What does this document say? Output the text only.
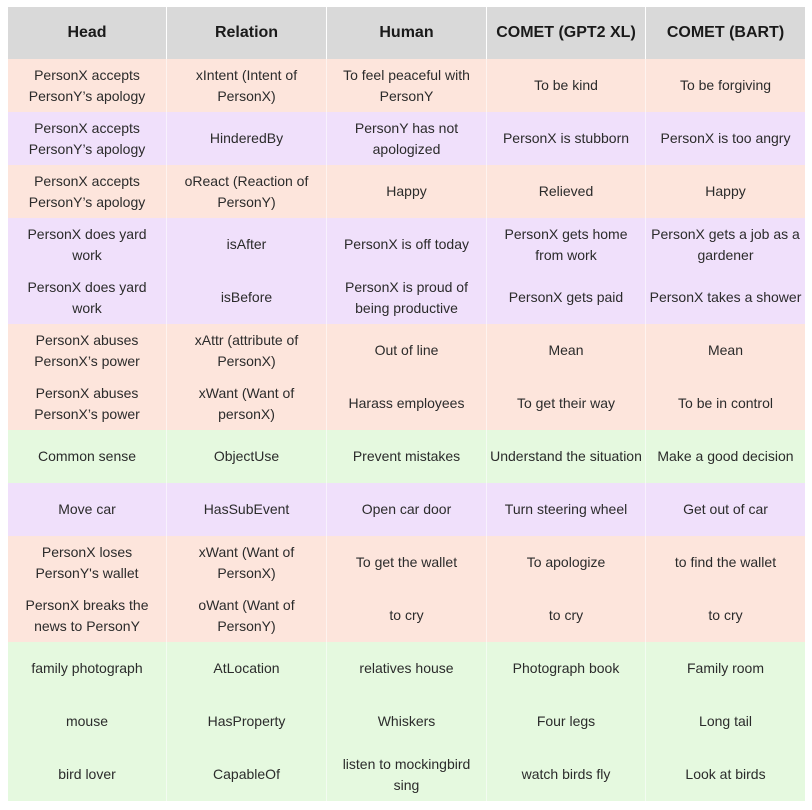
Head	Relation	Human	COMET (GPT2 XL)	COMET (BART)
PersonX accepts PersonY’s apology	xIntent (Intent of PersonX)	To feel peaceful with PersonY	To be kind	To be forgiving
PersonX accepts PersonY’s apology	HinderedBy	PersonY has not apologized	PersonX is stubborn	PersonX is too angry
PersonX accepts PersonY’s apology	oReact (Reaction of PersonY)	Happy	Relieved	Happy
PersonX does yard work	isAfter	PersonX is off today	PersonX gets home from work	PersonX gets a job as a gardener
PersonX does yard work	isBefore	PersonX is proud of being productive	PersonX gets paid	PersonX takes a shower
PersonX abuses PersonX’s power	xAttr (attribute of PersonX)	Out of line	Mean	Mean
PersonX abuses PersonX’s power	xWant (Want of personX)	Harass employees	To get their way	To be in control
Common sense	ObjectUse	Prevent mistakes	Understand the situation	Make a good decision
Move car	HasSubEvent	Open car door	Turn steering wheel	Get out of car
PersonX loses PersonY's wallet	xWant (Want of PersonX)	To get the wallet	To apologize	to find the wallet
PersonX breaks the news to PersonY	oWant (Want of PersonY)	to cry	to cry	to cry
family photograph	AtLocation	relatives house	Photograph book	Family room
mouse	HasProperty	Whiskers	Four legs	Long tail
bird lover	CapableOf	listen to mockingbird sing	watch birds fly	Look at birds
